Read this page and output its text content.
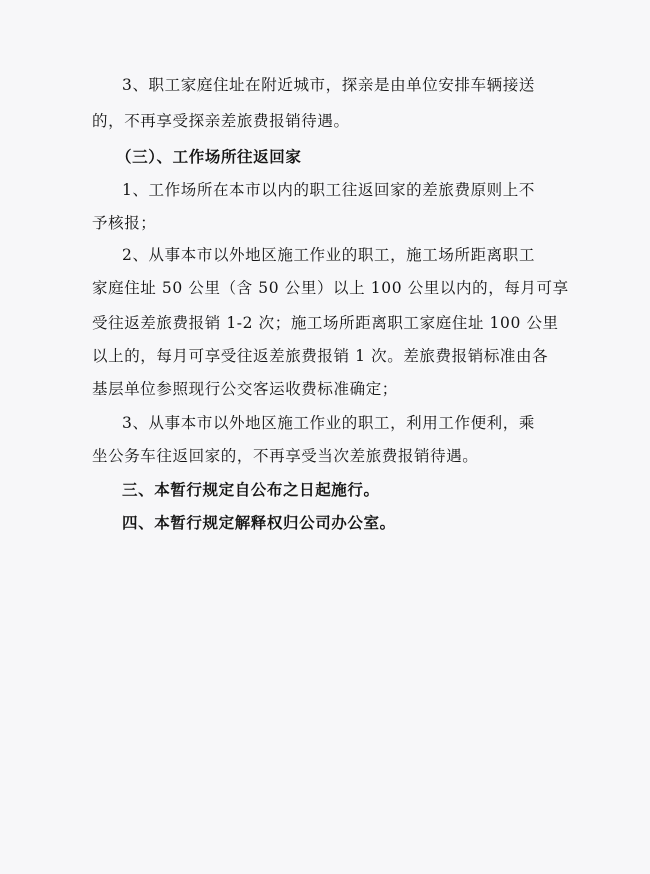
3、职工家庭住址在附近城市，探亲是由单位安排车辆接送
的，不再享受探亲差旅费报销待遇。
（三）、工作场所往返回家
1、工作场所在本市以内的职工往返回家的差旅费原则上不
予核报；
2、从事本市以外地区施工作业的职工，施工场所距离职工
家庭住址 50 公里（含 50 公里）以上 100 公里以内的，每月可享
受往返差旅费报销 1-2 次；施工场所距离职工家庭住址 100 公里
以上的，每月可享受往返差旅费报销 1 次。差旅费报销标准由各
基层单位参照现行公交客运收费标准确定；
3、从事本市以外地区施工作业的职工，利用工作便利，乘
坐公务车往返回家的，不再享受当次差旅费报销待遇。
三、本暂行规定自公布之日起施行。
四、本暂行规定解释权归公司办公室。
